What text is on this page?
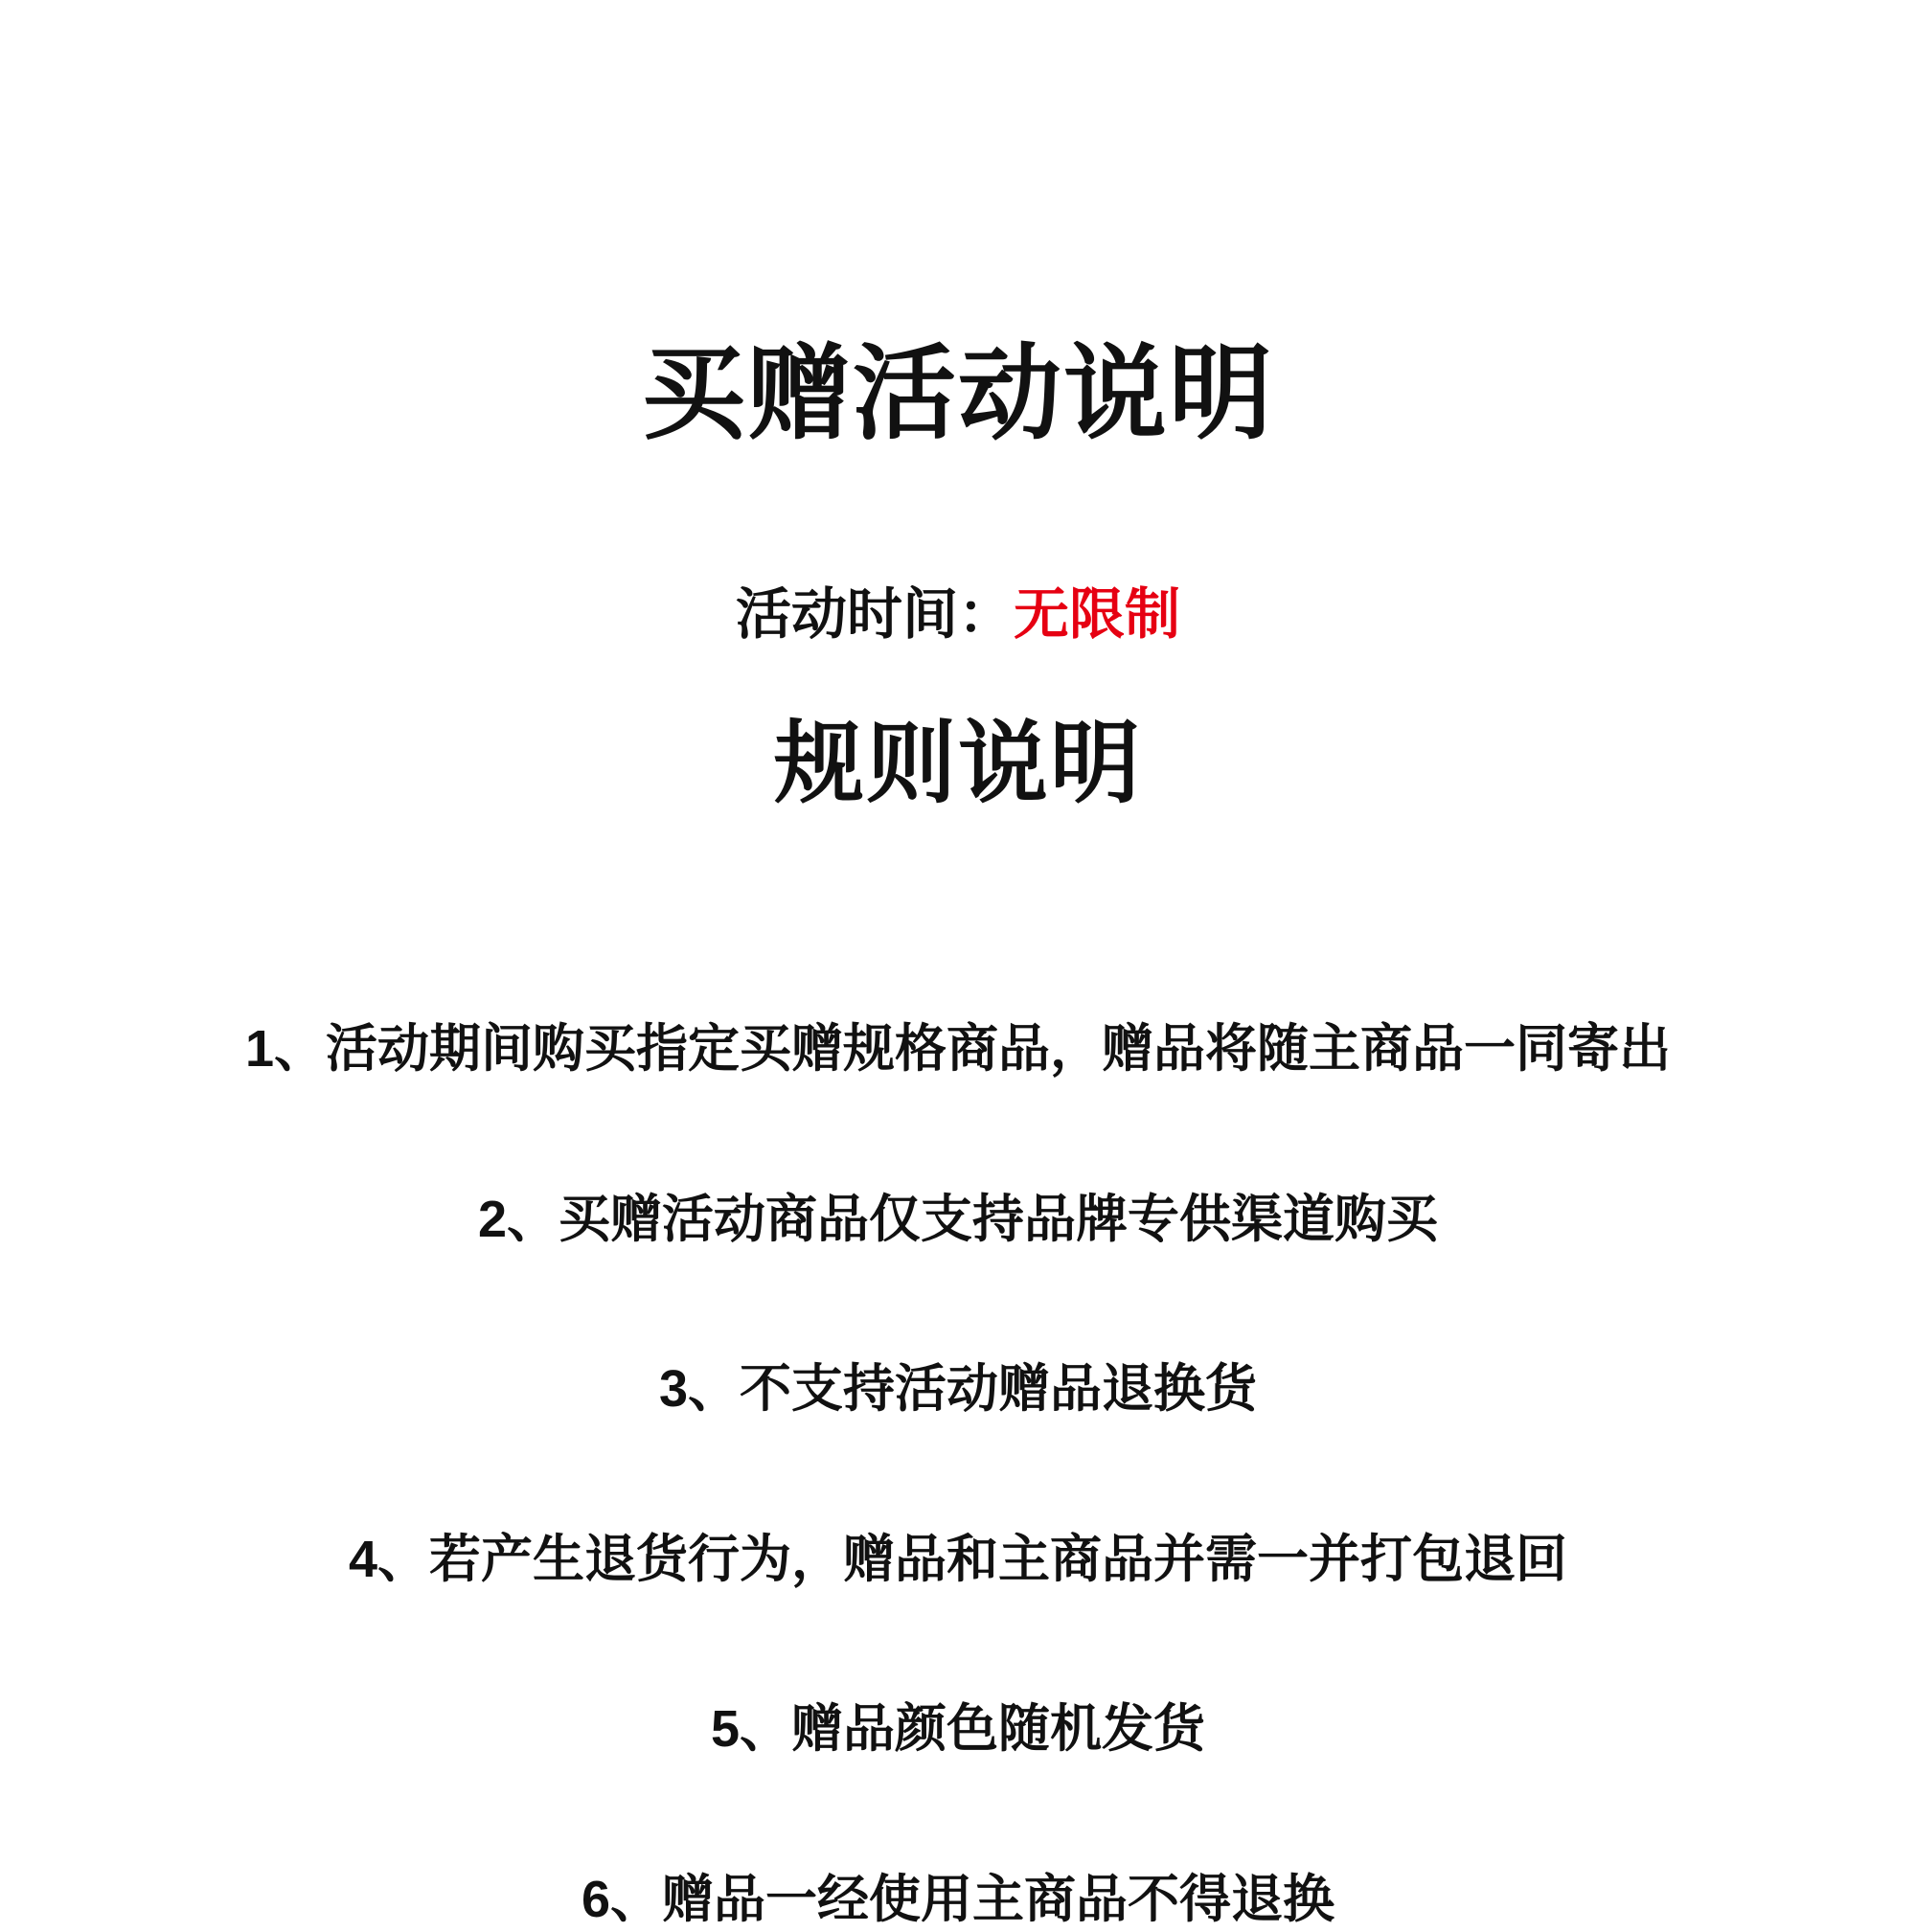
买赠活动说明
活动时间：无限制
规则说明

1、活动期间购买指定买赠规格商品，赠品将随主商品一同寄出

2、买赠活动商品仅支持品牌专供渠道购买

3、不支持活动赠品退换货

4、若产生退货行为，赠品和主商品并需一并打包退回

5、赠品颜色随机发货

6、赠品一经使用主商品不得退换
